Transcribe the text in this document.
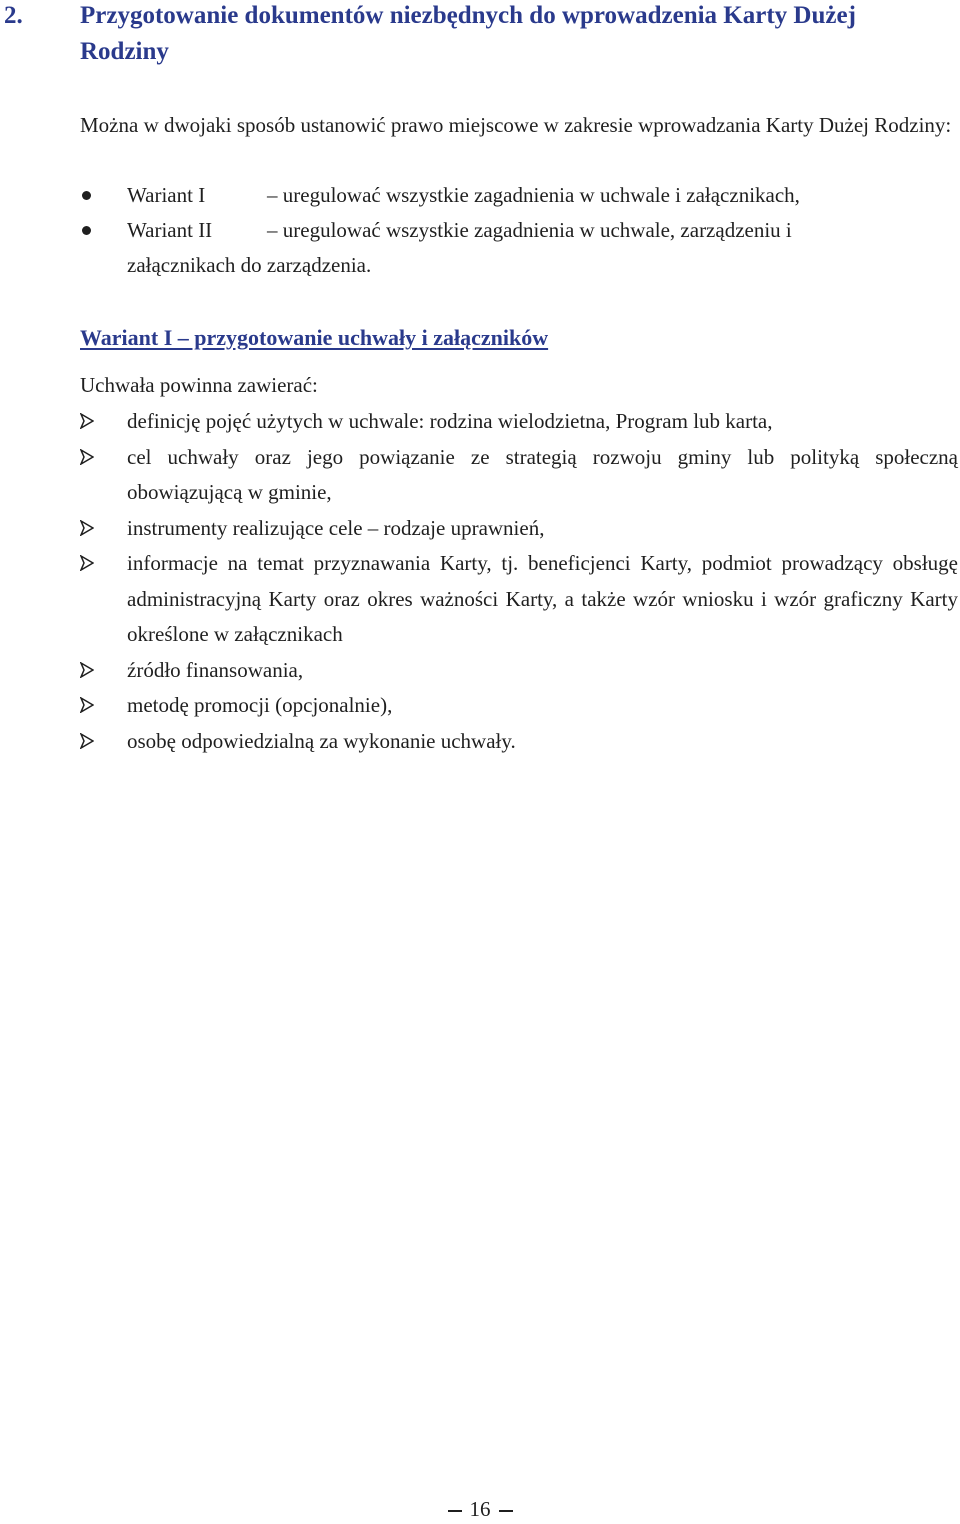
2. Przygotowanie dokumentów niezbędnych do wprowadzenia Karty Dużej Rodziny

Można w dwojaki sposób ustanowić prawo miejscowe w zakresie wprowadzania Karty Dużej Rodziny:

Wariant I	– uregulować wszystkie zagadnienia w uchwale i załącznikach,
Wariant II	– uregulować wszystkie zagadnienia w uchwale, zarządzeniu i załącznikach do zarządzenia.
Wariant I – przygotowanie uchwały i załączników
Uchwała powinna zawierać:
definicję pojęć użytych w uchwale: rodzina wielodzietna, Program lub karta,
cel uchwały oraz jego powiązanie ze strategią rozwoju gminy lub polityką społeczną obowiązującą w gminie,
instrumenty realizujące cele – rodzaje uprawnień,
informacje na temat przyznawania Karty, tj. beneficjenci Karty, podmiot prowadzący obsługę administracyjną Karty oraz okres ważności Karty, a także wzór wniosku i wzór graficzny Karty określone w załącznikach
źródło finansowania,
metodę promocji (opcjonalnie),
osobę odpowiedzialną za wykonanie uchwały.
16
